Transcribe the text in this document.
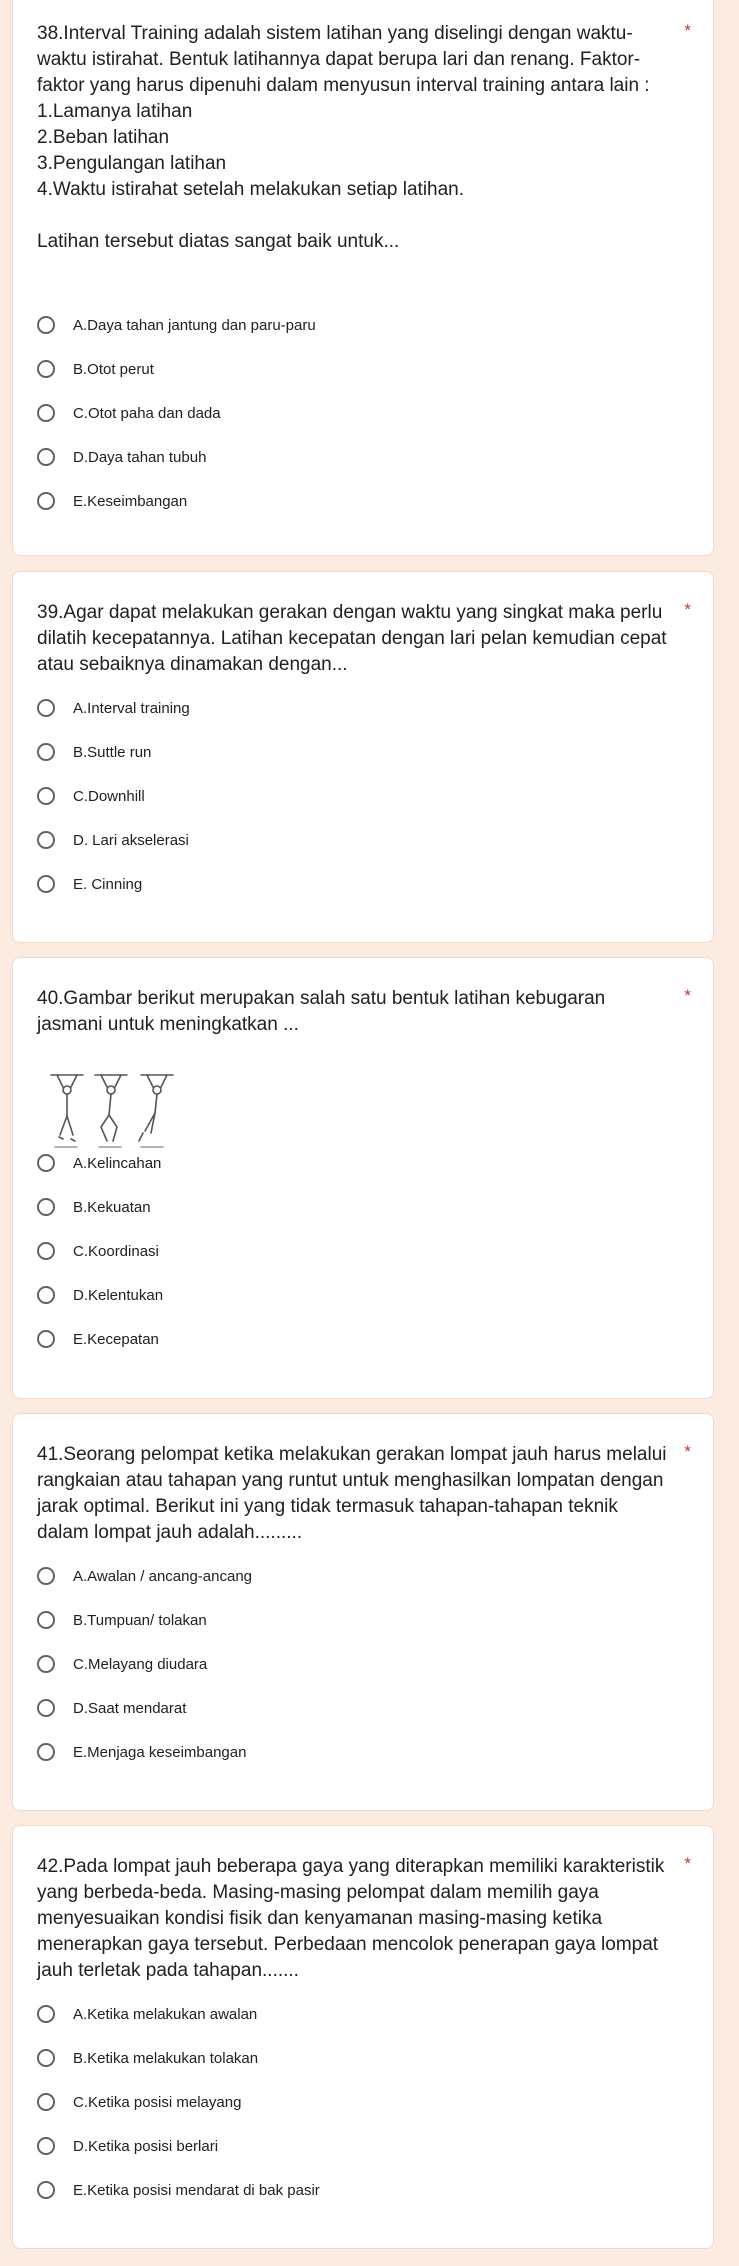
38.Interval Training adalah sistem latihan yang diselingi dengan waktu-waktu istirahat. Bentuk latihannya dapat berupa lari dan renang. Faktor-faktor yang harus dipenuhi dalam menyusun interval training antara lain :
1.Lamanya latihan
2.Beban latihan
3.Pengulangan latihan
4.Waktu istirahat setelah melakukan setiap latihan.

Latihan tersebut diatas sangat baik untuk...
*
A.Daya tahan jantung dan paru-paru
B.Otot perut
C.Otot paha dan dada
D.Daya tahan tubuh
E.Keseimbangan
39.Agar dapat melakukan gerakan dengan waktu yang singkat maka perlu dilatih kecepatannya. Latihan kecepatan dengan lari pelan kemudian cepat atau sebaiknya dinamakan dengan...
*
A.Interval training
B.Suttle run
C.Downhill
D. Lari akselerasi
E. Cinning
40.Gambar berikut merupakan salah satu bentuk latihan kebugaran jasmani untuk meningkatkan ...
*
A.Kelincahan
B.Kekuatan
C.Koordinasi
D.Kelentukan
E.Kecepatan
41.Seorang pelompat ketika melakukan gerakan lompat jauh harus melalui rangkaian atau tahapan yang runtut untuk menghasilkan lompatan dengan jarak optimal. Berikut ini yang tidak termasuk tahapan-tahapan teknik dalam lompat jauh adalah.........
*
A.Awalan / ancang-ancang
B.Tumpuan/ tolakan
C.Melayang diudara
D.Saat mendarat
E.Menjaga keseimbangan
42.Pada lompat jauh beberapa gaya yang diterapkan memiliki karakteristik yang berbeda-beda. Masing-masing pelompat dalam memilih gaya menyesuaikan kondisi fisik dan kenyamanan masing-masing ketika menerapkan gaya tersebut. Perbedaan mencolok penerapan gaya lompat jauh terletak pada tahapan.......
*
A.Ketika melakukan awalan
B.Ketika melakukan tolakan
C.Ketika posisi melayang
D.Ketika posisi berlari
E.Ketika posisi mendarat di bak pasir
